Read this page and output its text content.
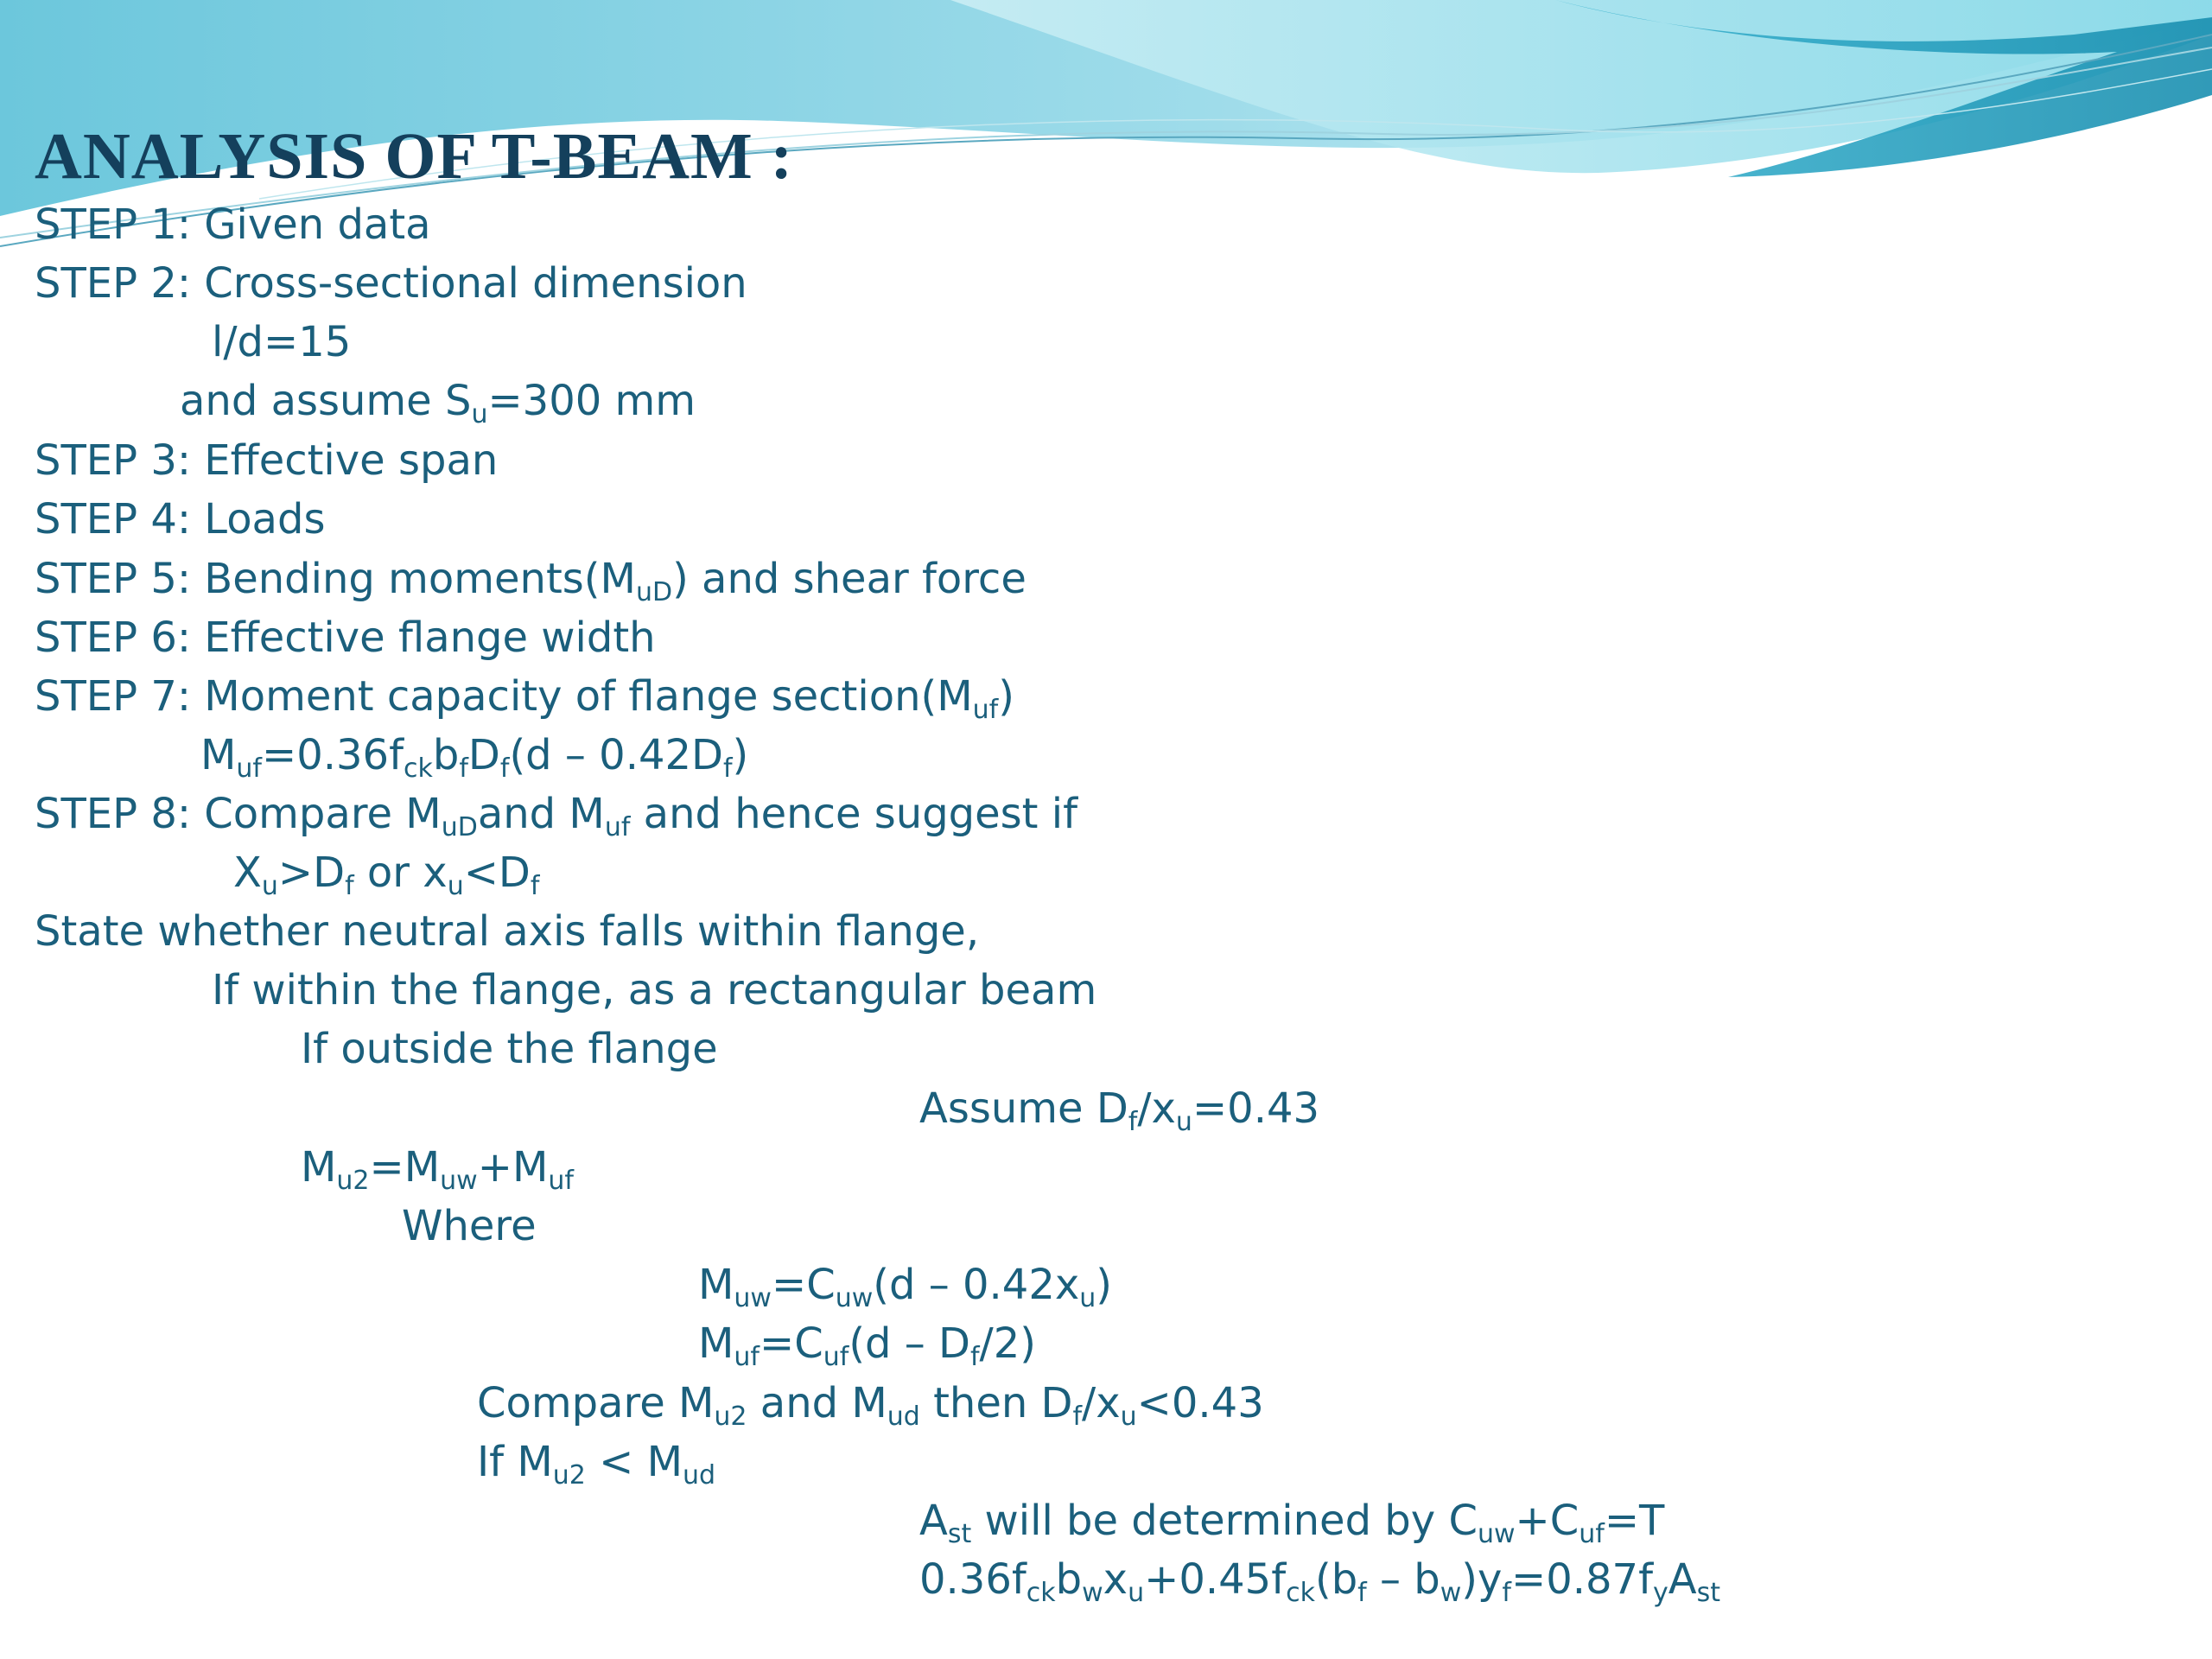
ANALYSIS OF T-BEAM :
STEP 1: Given data
STEP 2: Cross-sectional dimension
l/d=15
and assume $S_u=300$ mm
STEP 3: Effective span
STEP 4: Loads
STEP 5: Bending $moments(M_{uD})$ and shear force
STEP 6: Effective flange width
STEP 7: Moment capacity of flange $section(M_{uf})$
$M_{uf}=0.36f_{ck}b_fD_f(d - 0.42D_f)$
STEP 8: Compare $M_{uD}and$ $M_{uf}$ and hence suggest if
$X_u>D_f$ or $x_u<D_f$
State whether neutral axis falls within flange,
If within the flange, as a rectangular beam
If outside the flange
Assume $D_f/x_u=0.43$
$M_{u2}=M_{uw}+M_{uf}$
Where
$M_{uw}=C_{uw}(d - 0.42x_u)$
$M_{uf}=C_{uf}(d - D_f/2)$
Compare $M_{u2}$ and $M_{ud}$ then $D_f/x_u<0.43$
If $M_{u2} < M_{ud}$
$A_{st}$ will be determined by $C_{uw}+C_{uf}=T$
$0.36f_{ck}b_wx_u+0.45f_{ck}(b_f - b_w)y_f=0.87f_yA_{st}$
